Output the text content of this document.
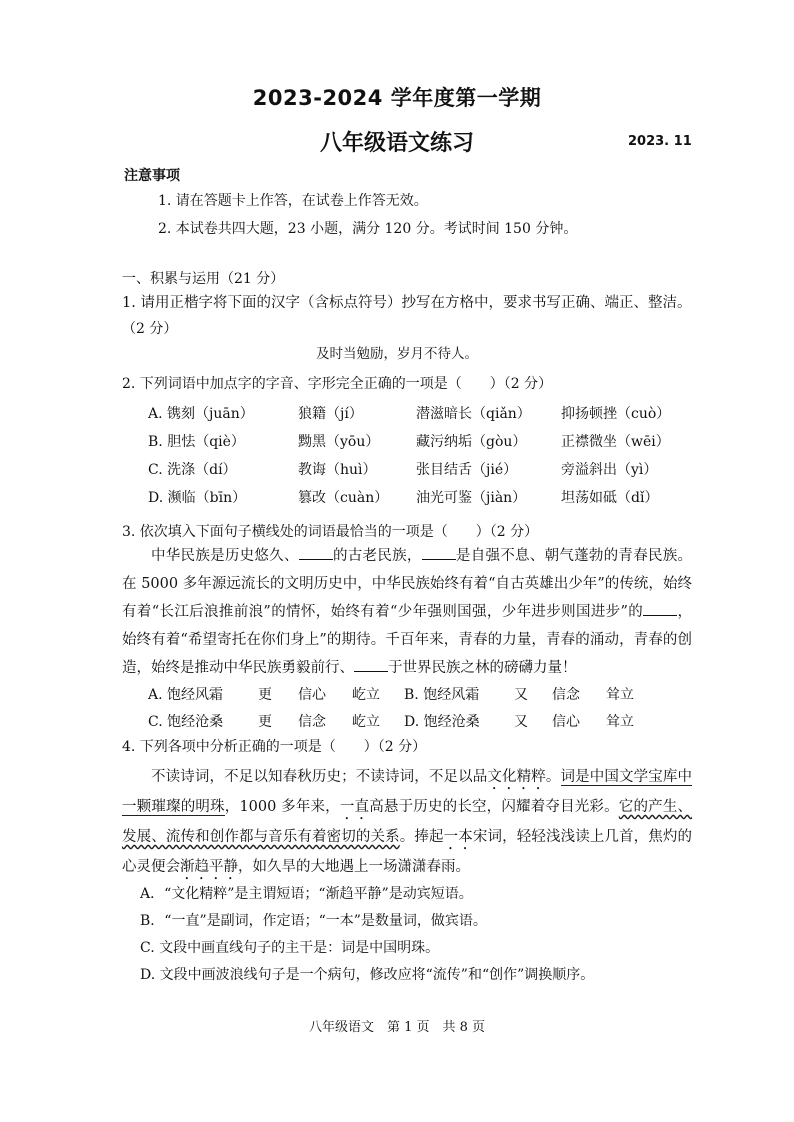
2023-2024 学年度第一学期
八年级语文练习	2023. 11
注意事项
1. 请在答题卡上作答，在试卷上作答无效。
2. 本试卷共四大题，23 小题，满分 120 分。考试时间 150 分钟。
一、积累与运用（21 分）
1. 请用正楷字将下面的汉字（含标点符号）抄写在方格中，要求书写正确、端正、整洁。
（2 分）
及时当勉励，岁月不待人。
2. 下列词语中加点字的字音、字形完全正确的一项是（　　）（2 分）
A. 镌刻（juān）	狼籍（jí）	潜滋暗长（qiǎn） 抑扬顿挫（cuò）
B. 胆怯（qiè）	黝黑（yōu）	藏污纳垢（gòu） 正襟微坐（wēi）
C. 洗涤（dí）	教诲（huì）	张目结舌（jié）	旁溢斜出（yì）
D. 濒临（bīn）	篡改（cuàn） 油光可鉴（jiàn） 坦荡如砥（dǐ）
3. 依次填入下面句子横线处的词语最恰当的一项是（　　）（2 分）
中华民族是历史悠久、 的古老民族， 是自强不息、朝气蓬勃的青春民族。在 5000 多年源远流长的文明历史中，中华民族始终有着“自古英雄出少年”的传统，始终有着“长江后浪推前浪”的情怀，始终有着“少年强则国强，少年进步则国进步”的 ，始终有着“希望寄托在你们身上”的期待。千百年来，青春的力量，青春的涌动，青春的创造，始终是推动中华民族勇毅前行、 于世界民族之林的磅礴力量！
A. 饱经风霜 更 信心 屹立 B. 饱经风霜 又 信念 耸立
C. 饱经沧桑 更 信念 屹立 D. 饱经沧桑 又 信心 耸立
4. 下列各项中分析正确的一项是（　　）（2 分）
不读诗词，不足以知春秋历史；不读诗词，不足以品文化精粹。词是中国文学宝库中一颗璀璨的明珠，1000 多年来，一直高悬于历史的长空，闪耀着夺目光彩。它的产生、发展、流传和创作都与音乐有着密切的关系。捧起一本宋词，轻轻浅浅读上几首，焦灼的心灵便会渐趋平静，如久旱的大地遇上一场潇潇春雨。
A．“文化精粹”是主谓短语；“渐趋平静”是动宾短语。
B．“一直”是副词，作定语；“一本”是数量词，做宾语。
C. 文段中画直线句子的主干是：词是中国明珠。
D. 文段中画波浪线句子是一个病句，修改应将“流传”和“创作”调换顺序。
八年级语文　第 1 页　共 8 页
